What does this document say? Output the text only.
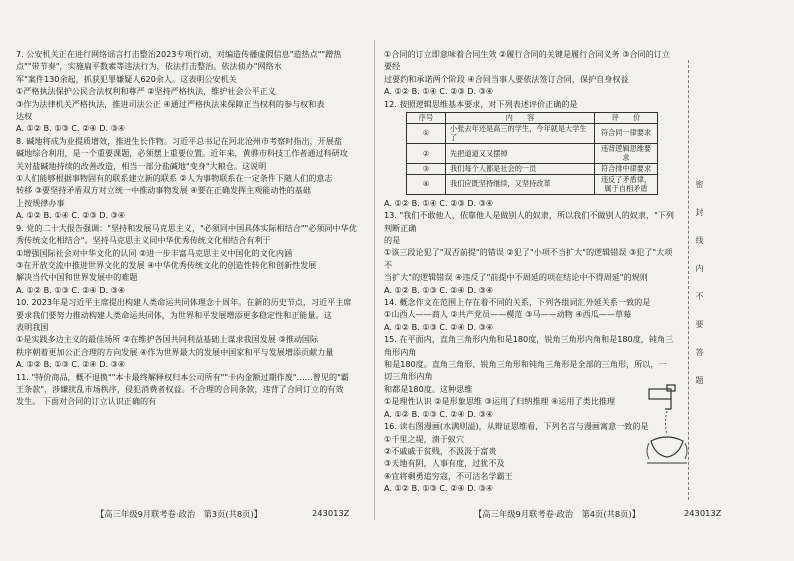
7. 公安机关正在进行网络谣言打击整治2023专项行动，对编造传播虚假信息"造热点""蹭热
点""带节奏"，实施扁平数素等违法行为，依法打击整治。依法侦办"网络水
军"案件130余起，抓获犯罪嫌疑人620余人。这表明公安机关
①严格执法保护公民合法权利和尊严 ②坚持严格执法，维护社会公平正义
③作为法律机关严格执法，推进司法公正 ④通过严格执法来保障正当权利的参与权和表
达权
A. ①② B. ①③ C. ②④ D. ③④
8. 碱地将成为业提质增效，推进生长作物。习近平总书记在河北沧州市考察时指出，开展盐
碱地综合利用，是一个重要课题，必须摆上重要位置。近年来，黄骅市科技工作者通过科研攻
关对盐碱地持续的改善改造，相当一部分盐碱地"变身"大粮仓。这说明
①人们能够根据事物固有的联系建立新的联系 ②人为事物联系在一定条件下随人们的意志
转移 ③要坚持矛盾双方对立统一中推动事物发展 ④要在正确发挥主观能动性的基础
上按规律办事
A. ①② B. ①④ C. ②③ D. ③④
9. 党的二十大报告强调："坚持和发展马克思主义，"必须同中国具体实际相结合""必须同中华优
秀传统文化相结合"。坚持马克思主义同中华优秀传统文化相结合有利于
①增强国际社会对中华文化的认同 ②进一步丰富马克思主义中国化的文化内涵
③在开放交流中推进世界文化的发展 ④中华优秀传统文化的创造性转化和创新性发展
解决当代中国和世界发展中的难题
A. ①② B. ①③ C. ②④ D. ③④
10. 2023年是习近平主席提出构建人类命运共同体理念十周年。在新的历史节点，习近平主席
要求我们要努力推动构建人类命运共同体，为世界和平发展增添更多稳定性和正能量。这
表明我国
①是实践多边主义的最佳场所 ②在维护各国共同利益基础上谋求我国发展 ③推动国际
秩序朝着更加公正合理的方向发展 ④作为世界最大的发展中国家和平与发展增添贡献力量
A. ①② B. ①③ C. ②④ D. ③④
11. "特价商品，概不退换""本卡最终解释权归本公司所有""卡内金额过期作废"……曾见的"霸
王条款"，涉嫌扰乱市场秩序，侵犯消费者权益。不合理的合同条款，违背了合同订立的有效
发生。 下面对合同的订立认识正确的有
①合同的订立即意味着合同生效 ②履行合同的关键是履行合同义务 ③合同的订立要经
过要约和承诺两个阶段 ④合同当事人要依法签订合同，保护自身权益
A. ①② B. ①④ C. ②③ D. ③④
12. 按照逻辑思维基本要求，对下列表述评价正确的是
序号	内　　容	评　　价
①	小张去年还是高三的学生，今年就是大学生了	符合同一律要求
②	先把道道又又摆掉	违背逻辑思维要求
③	我们每个人都是社会的一员	符合排中律要求
④	我们应既坚持继续，又坚持改革	违反了矛盾律，属于自相矛盾
A. ①② B. ①④ C. ②③ D. ③④
13. "我们不敢他人，依靠他人是做别人的奴隶，所以我们不做别人的奴隶，"下列判断正确
的是
①该三段论犯了"双否前提"的错误 ②犯了"小项不当扩大"的逻辑错误 ③犯了"大项不
当扩大"的逻辑错误 ④违反了"前提中不周延的项在结论中不得周延"的规则
A. ①② B. ①③ C. ②④ D. ③④
14. 概念作文在范围上存在着不同的关系，下列各组词汇外延关系一致的是
①山西人——商人 ②共产党员——模范 ③马——动物 ④西瓜——草莓
A. ①② B. ①③ C. ②④ D. ③④
15. 在平面内，直角三角形内角和是180度，锐角三角形内角和是180度，钝角三角形内角
和是180度。直角三角形、锐角三角形和钝角三角形是全部的三角形，所以，一切三角形内角
和都是180度。这种思维
①是理性认识 ②是形象思维 ③运用了归纳推理 ④运用了类比推理
A. ①② B. ①③ C. ②④ D. ③④
16. 读右图漫画(水满则溢)，从辩证思维看，下列名言与漫画寓意一致的是
①千里之堤，溃于蚁穴
②不戚戚于贫贱，不汲汲于富贵
③天地有阴，人事有度，过犹不及
④宜将剩勇追穷寇，不可沽名学霸王
A. ①② B. ①③ C. ②④ D. ③④
密　封　线　内　不　要　答　题
【高三年级9月联考卷·政治　第3页(共8页)】	243013Z	【高三年级9月联考卷·政治　第4页(共8页)】	243013Z
